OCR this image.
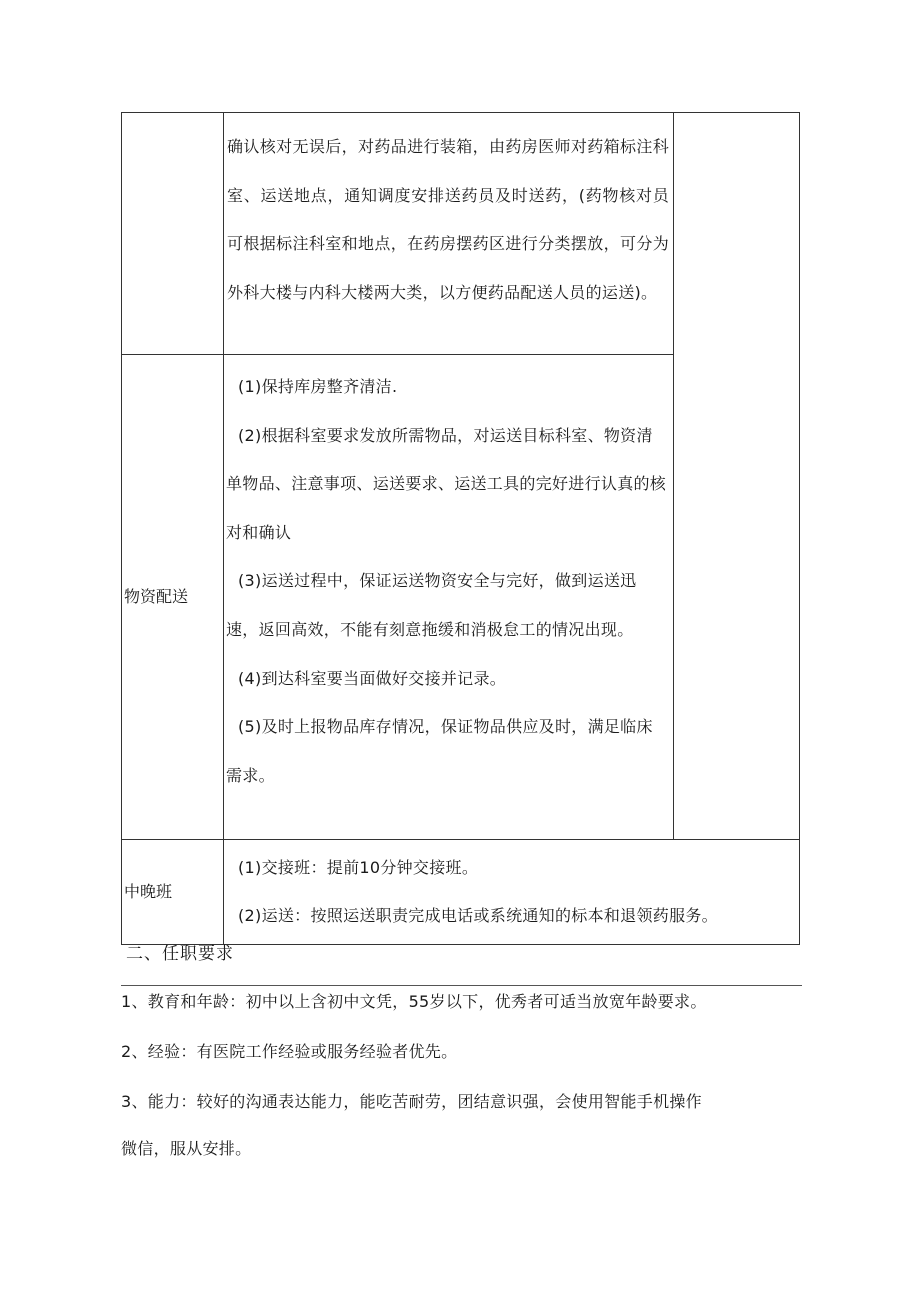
	确认核对无误后，对药品进行装箱，由药房医师对药箱标注科室、运送地点，通知调度安排送药员及时送药，(药物核对员可根据标注科室和地点，在药房摆药区进行分类摆放，可分为外科大楼与内科大楼两大类，以方便药品配送人员的运送)。	

物资配送	(1)保持库房整齐清洁.

(2)根据科室要求发放所需物品，对运送目标科室、物资清单物品、注意事项、运送要求、运送工具的完好进行认真的核对和确认

(3)运送过程中，保证运送物资安全与完好，做到运送迅速，返回高效，不能有刻意拖缓和消极怠工的情况出现。

(4)到达科室要当面做好交接并记录。

(5)及时上报物品库存情况，保证物品供应及时，满足临床需求。	

中晚班	(1)交接班：提前10分钟交接班。

(2)运送：按照运送职责完成电话或系统通知的标本和退领药服务。	

二、任职要求
1、教育和年龄：初中以上含初中文凭，55岁以下，优秀者可适当放宽年龄要求。
2、经验：有医院工作经验或服务经验者优先。
3、能力：较好的沟通表达能力，能吃苦耐劳，团结意识强，会使用智能手机操作
微信，服从安排。
